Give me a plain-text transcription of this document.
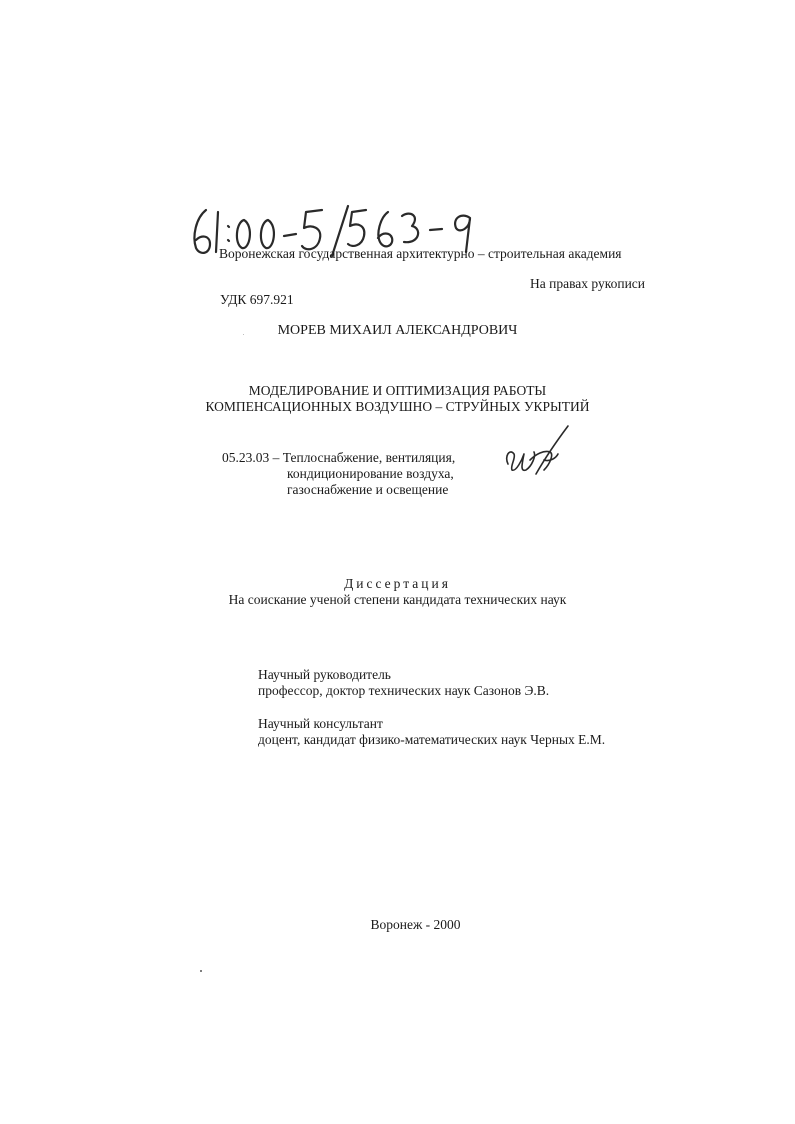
Воронежская государственная архитектурно – строительная академия
На правах рукописи
УДК 697.921
МОРЕВ МИХАИЛ АЛЕКСАНДРОВИЧ
МОДЕЛИРОВАНИЕ И ОПТИМИЗАЦИЯ РАБОТЫ
КОМПЕНСАЦИОННЫХ ВОЗДУШНО – СТРУЙНЫХ УКРЫТИЙ
05.23.03 – Теплоснабжение, вентиляция,
кондиционирование воздуха,
газоснабжение и освещение
Диссертация
На соискание ученой степени кандидата технических наук
Научный руководитель
профессор, доктор технических наук Сазонов Э.В.
Научный консультант
доцент, кандидат физико-математических наук Черных Е.М.
Воронеж - 2000
